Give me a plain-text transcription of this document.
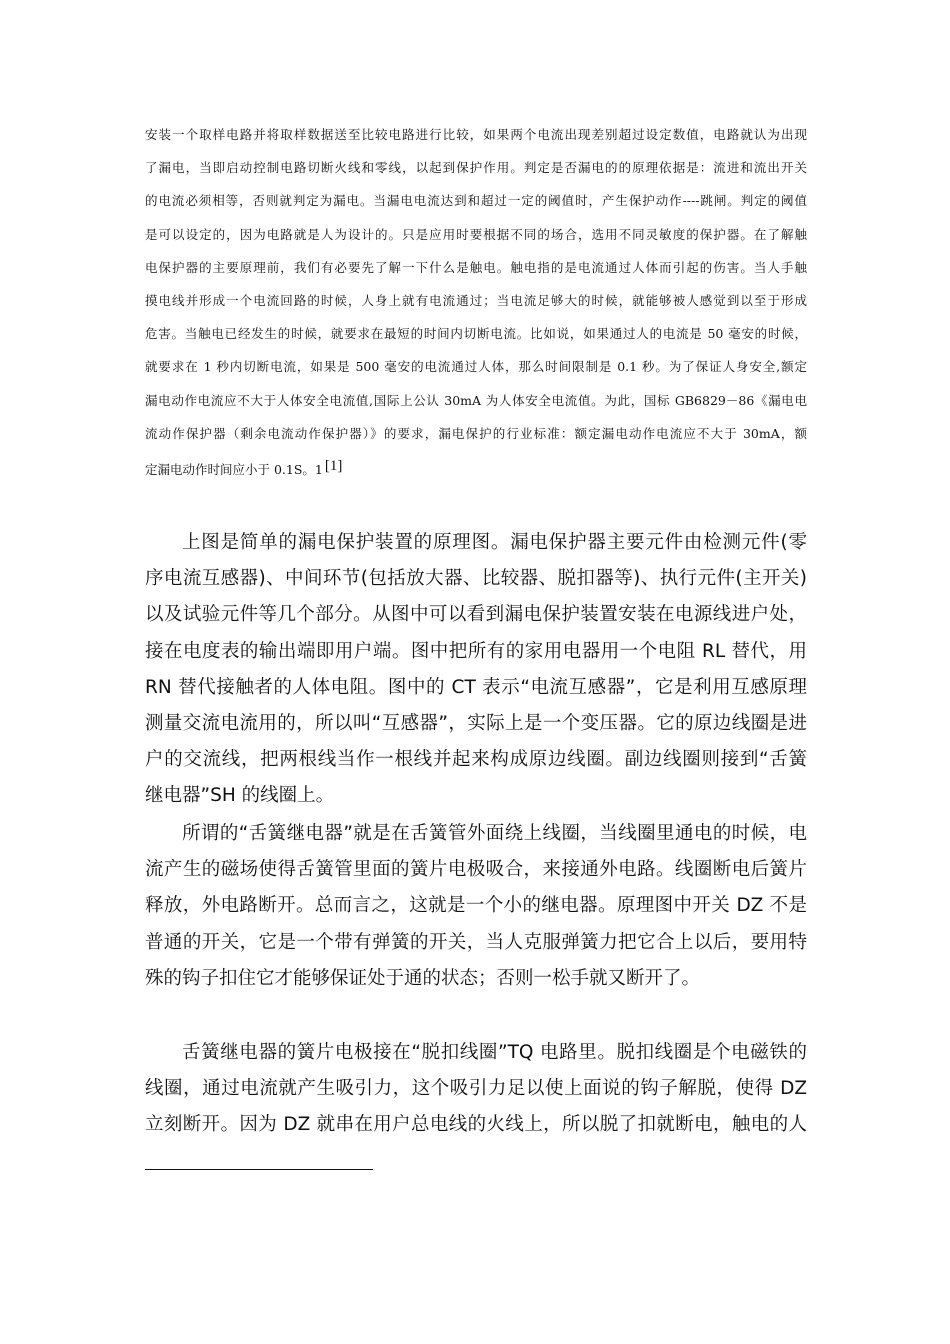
安装一个取样电路并将取样数据送至比较电路进行比较，如果两个电流出现差别超过设定数值，电路就认为出现
了漏电，当即启动控制电路切断火线和零线，以起到保护作用。判定是否漏电的的原理依据是：流进和流出开关
的电流必须相等，否则就判定为漏电。当漏电电流达到和超过一定的阈值时，产生保护动作----跳闸。判定的阈值
是可以设定的，因为电路就是人为设计的。只是应用时要根据不同的场合，选用不同灵敏度的保护器。在了解触
电保护器的主要原理前，我们有必要先了解一下什么是触电。触电指的是电流通过人体而引起的伤害。当人手触
摸电线并形成一个电流回路的时候，人身上就有电流通过；当电流足够大的时候，就能够被人感觉到以至于形成
危害。当触电已经发生的时候，就要求在最短的时间内切断电流。比如说，如果通过人的电流是 50 毫安的时候，
就要求在 1 秒内切断电流，如果是 500 毫安的电流通过人体，那么时间限制是 0.1 秒。为了保证人身安全,额定
漏电动作电流应不大于人体安全电流值,国际上公认 30mA 为人体安全电流值。为此，国标 GB6829－86《漏电电
流动作保护器（剩余电流动作保护器）》的要求，漏电保护的行业标准：额定漏电动作电流应不大于 30mA，额
定漏电动作时间应小于 0.1S。1 [1]
上图是简单的漏电保护装置的原理图。漏电保护器主要元件由检测元件(零
序电流互感器)、中间环节(包括放大器、比较器、脱扣器等)、执行元件(主开关)
以及试验元件等几个部分。从图中可以看到漏电保护装置安装在电源线进户处，
接在电度表的输出端即用户端。图中把所有的家用电器用一个电阻 RL 替代，用
RN 替代接触者的人体电阻。图中的 CT 表示“电流互感器”，它是利用互感原理
测量交流电流用的，所以叫“互感器”，实际上是一个变压器。它的原边线圈是进
户的交流线，把两根线当作一根线并起来构成原边线圈。副边线圈则接到“舌簧
继电器”SH 的线圈上。
所谓的“舌簧继电器”就是在舌簧管外面绕上线圈，当线圈里通电的时候，电
流产生的磁场使得舌簧管里面的簧片电极吸合，来接通外电路。线圈断电后簧片
释放，外电路断开。总而言之，这就是一个小的继电器。原理图中开关 DZ 不是
普通的开关，它是一个带有弹簧的开关，当人克服弹簧力把它合上以后，要用特
殊的钩子扣住它才能够保证处于通的状态；否则一松手就又断开了。
舌簧继电器的簧片电极接在“脱扣线圈”TQ 电路里。脱扣线圈是个电磁铁的
线圈，通过电流就产生吸引力，这个吸引力足以使上面说的钩子解脱，使得 DZ
立刻断开。因为 DZ 就串在用户总电线的火线上，所以脱了扣就断电，触电的人
